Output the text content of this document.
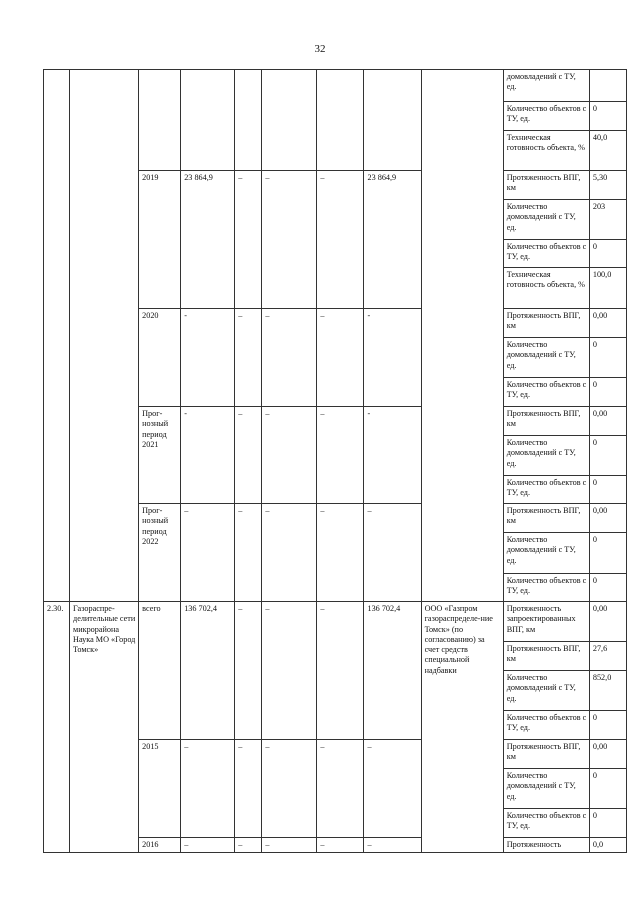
32
									домовладений с ТУ, ед.	
									Количество объектов с ТУ, ед.	0
									Техническая готовность объекта, %	40,0
		2019	23 864,9	–	–	–	23 864,9		Протяженность ВПГ, км	5,30
									Количество домовладений с ТУ, ед.	203
									Количество объектов с ТУ, ед.	0
									Техническая готовность объекта, %	100,0
		2020	-	–	–	–	-		Протяженность ВПГ, км	0,00
									Количество домовладений с ТУ, ед.	0
									Количество объектов с ТУ, ед.	0
		Прог-нозный период 2021	-	–	–	–	-		Протяженность ВПГ, км	0,00
									Количество домовладений с ТУ, ед.	0
									Количество объектов с ТУ, ед.	0
		Прог-нозный период 2022	–	–	–	–	–		Протяженность ВПГ, км	0,00
									Количество домовладений с ТУ, ед.	0
									Количество объектов с ТУ, ед.	0
2.30.	Газораспре-делительные сети микрорайона Наука МО «Город Томск»	всего	136 702,4	–	–	–	136 702,4	ООО «Газпром газораспределе-ние Томск» (по согласованию) за счет средств специальной надбавки	Протяженность запроектированных ВПГ, км	0,00
									Протяженность ВПГ, км	27,6
									Количество домовладений с ТУ, ед.	852,0
									Количество объектов с ТУ, ед.	0
		2015	–	–	–	–	–		Протяженность ВПГ, км	0,00
									Количество домовладений с ТУ, ед.	0
									Количество объектов с ТУ, ед.	0
		2016	–	–	–	–	–		Протяженность	0,0
